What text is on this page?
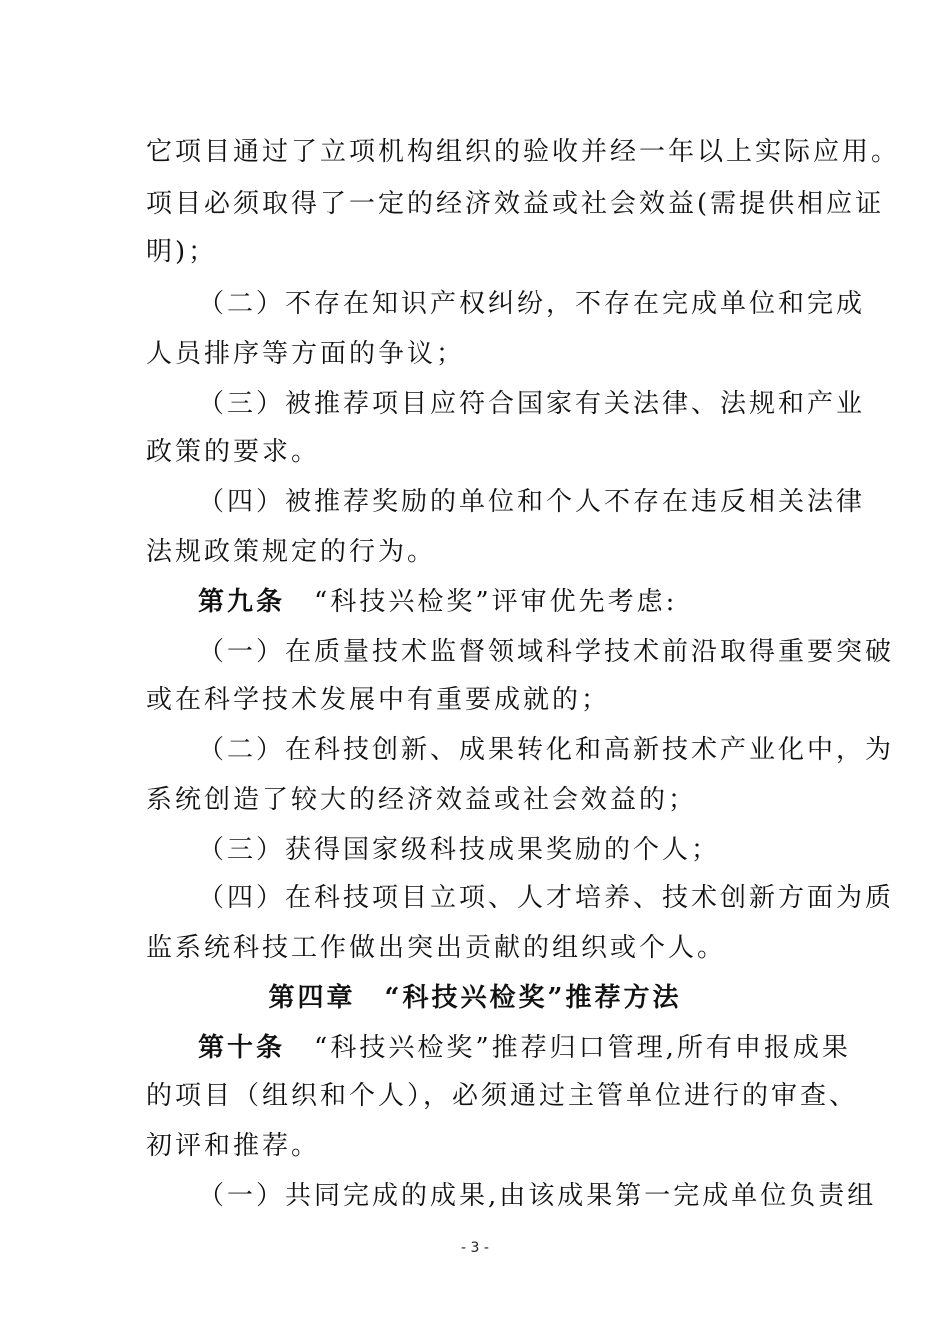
它项目通过了立项机构组织的验收并经一年以上实际应用。
项目必须取得了一定的经济效益或社会效益(需提供相应证
明)；
（二）不存在知识产权纠纷，不存在完成单位和完成
人员排序等方面的争议；
（三）被推荐项目应符合国家有关法律、法规和产业
政策的要求。
（四）被推荐奖励的单位和个人不存在违反相关法律
法规政策规定的行为。
第九条　 “科技兴检奖”评审优先考虑:
（一）在质量技术监督领域科学技术前沿取得重要突破
或在科学技术发展中有重要成就的；
（二）在科技创新、成果转化和高新技术产业化中，为
系统创造了较大的经济效益或社会效益的；
（三）获得国家级科技成果奖励的个人；
（四）在科技项目立项、人才培养、技术创新方面为质
监系统科技工作做出突出贡献的组织或个人。
第四章　“科技兴检奖”推荐方法
第十条　 “科技兴检奖”推荐归口管理,所有申报成果
的项目（组织和个人），必须通过主管单位进行的审查、
初评和推荐。
（一）共同完成的成果,由该成果第一完成单位负责组
- 3 -
